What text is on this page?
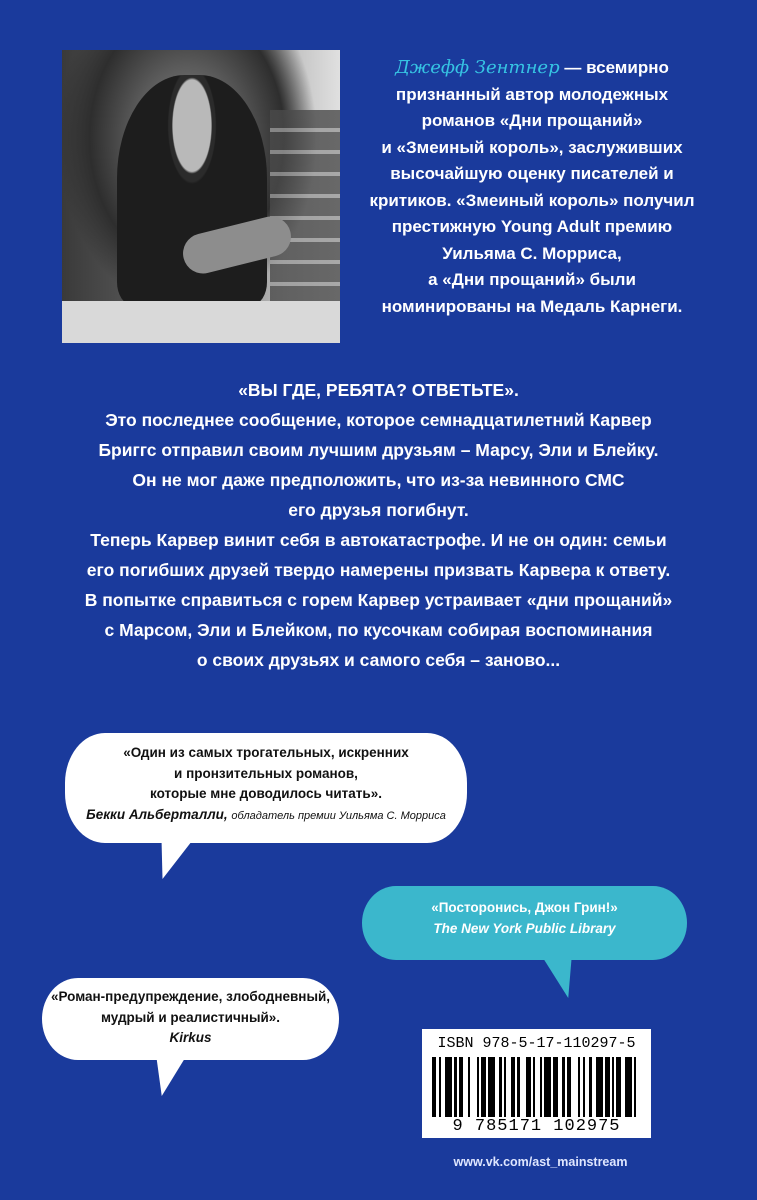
Джефф Зентнер — всемирно

признанный автор молодежных

романов «Дни прощаний»

и «Змеиный король», заслуживших

высочайшую оценку писателей и

критиков. «Змеиный король» получил

престижную Young Adult премию

Уильяма С. Морриса,

а «Дни прощаний» были

номинированы на Медаль Карнеги.

«ВЫ ГДЕ, РЕБЯТА? ОТВЕТЬТЕ».

Это последнее сообщение, которое семнадцатилетний Карвер

Бриггс отправил своим лучшим друзьям – Марсу, Эли и Блейку.

Он не мог даже предположить, что из-за невинного СМС

его друзья погибнут.

Теперь Карвер винит себя в автокатастрофе. И не он один: семьи

его погибших друзей твердо намерены призвать Карвера к ответу.

В попытке справиться с горем Карвер устраивает «дни прощаний»

с Марсом, Эли и Блейком, по кусочкам собирая воспоминания

о своих друзьях и самого себя – заново...

«Один из самых трогательных, искренних
и пронзительных романов,
которые мне доводилось читать».
Бекки Альберталли, обладатель премии Уильяма С. Морриса
«Посторонись, Джон Грин!»
The New York Public Library
«Роман-предупреждение, злободневный,
мудрый и реалистичный».
Kirkus	ISBN 978-5-17-110297-5
9 785171 102975
www.vk.com/ast_mainstream
